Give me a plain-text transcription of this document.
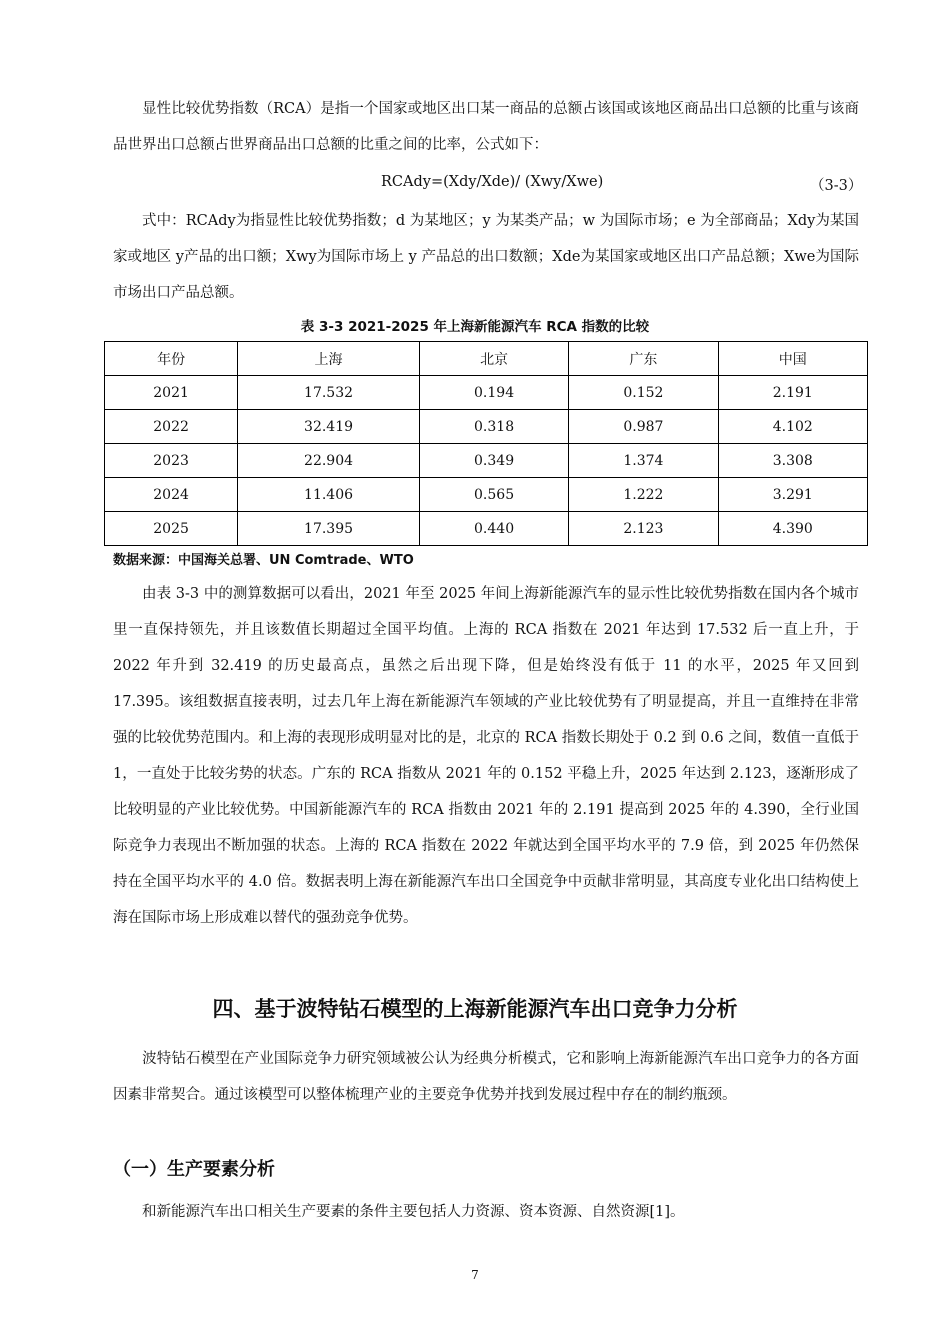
显性比较优势指数（RCA）是指一个国家或地区出口某一商品的总额占该国或该地区商品出口总额的比重与该商品世界出口总额占世界商品出口总额的比重之间的比率，公式如下：

RCAdy=(Xdy/Xde)/ (Xwy/Xwe)	（3-3）

式中：RCAdy为指显性比较优势指数；d 为某地区；y 为某类产品；w 为国际市场；e 为全部商品；Xdy为某国家或地区 y产品的出口额；Xwy为国际市场上 y 产品总的出口数额；Xde为某国家或地区出口产品总额；Xwe为国际市场出口产品总额。

表 3-3 2021-2025 年上海新能源汽车 RCA 指数的比较
年份	上海	北京	广东	中国
2021	17.532	0.194	0.152	2.191
2022	32.419	0.318	0.987	4.102
2023	22.904	0.349	1.374	3.308
2024	11.406	0.565	1.222	3.291
2025	17.395	0.440	2.123	4.390
数据来源：中国海关总署、UN Comtrade、WTO

由表 3-3 中的测算数据可以看出，2021 年至 2025 年间上海新能源汽车的显示性比较优势指数在国内各个城市里一直保持领先，并且该数值长期超过全国平均值。上海的 RCA 指数在 2021 年达到 17.532 后一直上升，于 2022 年升到 32.419 的历史最高点，虽然之后出现下降，但是始终没有低于 11 的水平，2025 年又回到 17.395。该组数据直接表明，过去几年上海在新能源汽车领域的产业比较优势有了明显提高，并且一直维持在非常强的比较优势范围内。和上海的表现形成明显对比的是，北京的 RCA 指数长期处于 0.2 到 0.6 之间，数值一直低于 1，一直处于比较劣势的状态。广东的 RCA 指数从 2021 年的 0.152 平稳上升，2025 年达到 2.123，逐渐形成了比较明显的产业比较优势。中国新能源汽车的 RCA 指数由 2021 年的 2.191 提高到 2025 年的 4.390，全行业国际竞争力表现出不断加强的状态。上海的 RCA 指数在 2022 年就达到全国平均水平的 7.9 倍，到 2025 年仍然保持在全国平均水平的 4.0 倍。数据表明上海在新能源汽车出口全国竞争中贡献非常明显，其高度专业化出口结构使上海在国际市场上形成难以替代的强劲竞争优势。

四、基于波特钻石模型的上海新能源汽车出口竞争力分析

波特钻石模型在产业国际竞争力研究领域被公认为经典分析模式，它和影响上海新能源汽车出口竞争力的各方面因素非常契合。通过该模型可以整体梳理产业的主要竞争优势并找到发展过程中存在的制约瓶颈。

（一）生产要素分析

和新能源汽车出口相关生产要素的条件主要包括人力资源、资本资源、自然资源[1]。

7
